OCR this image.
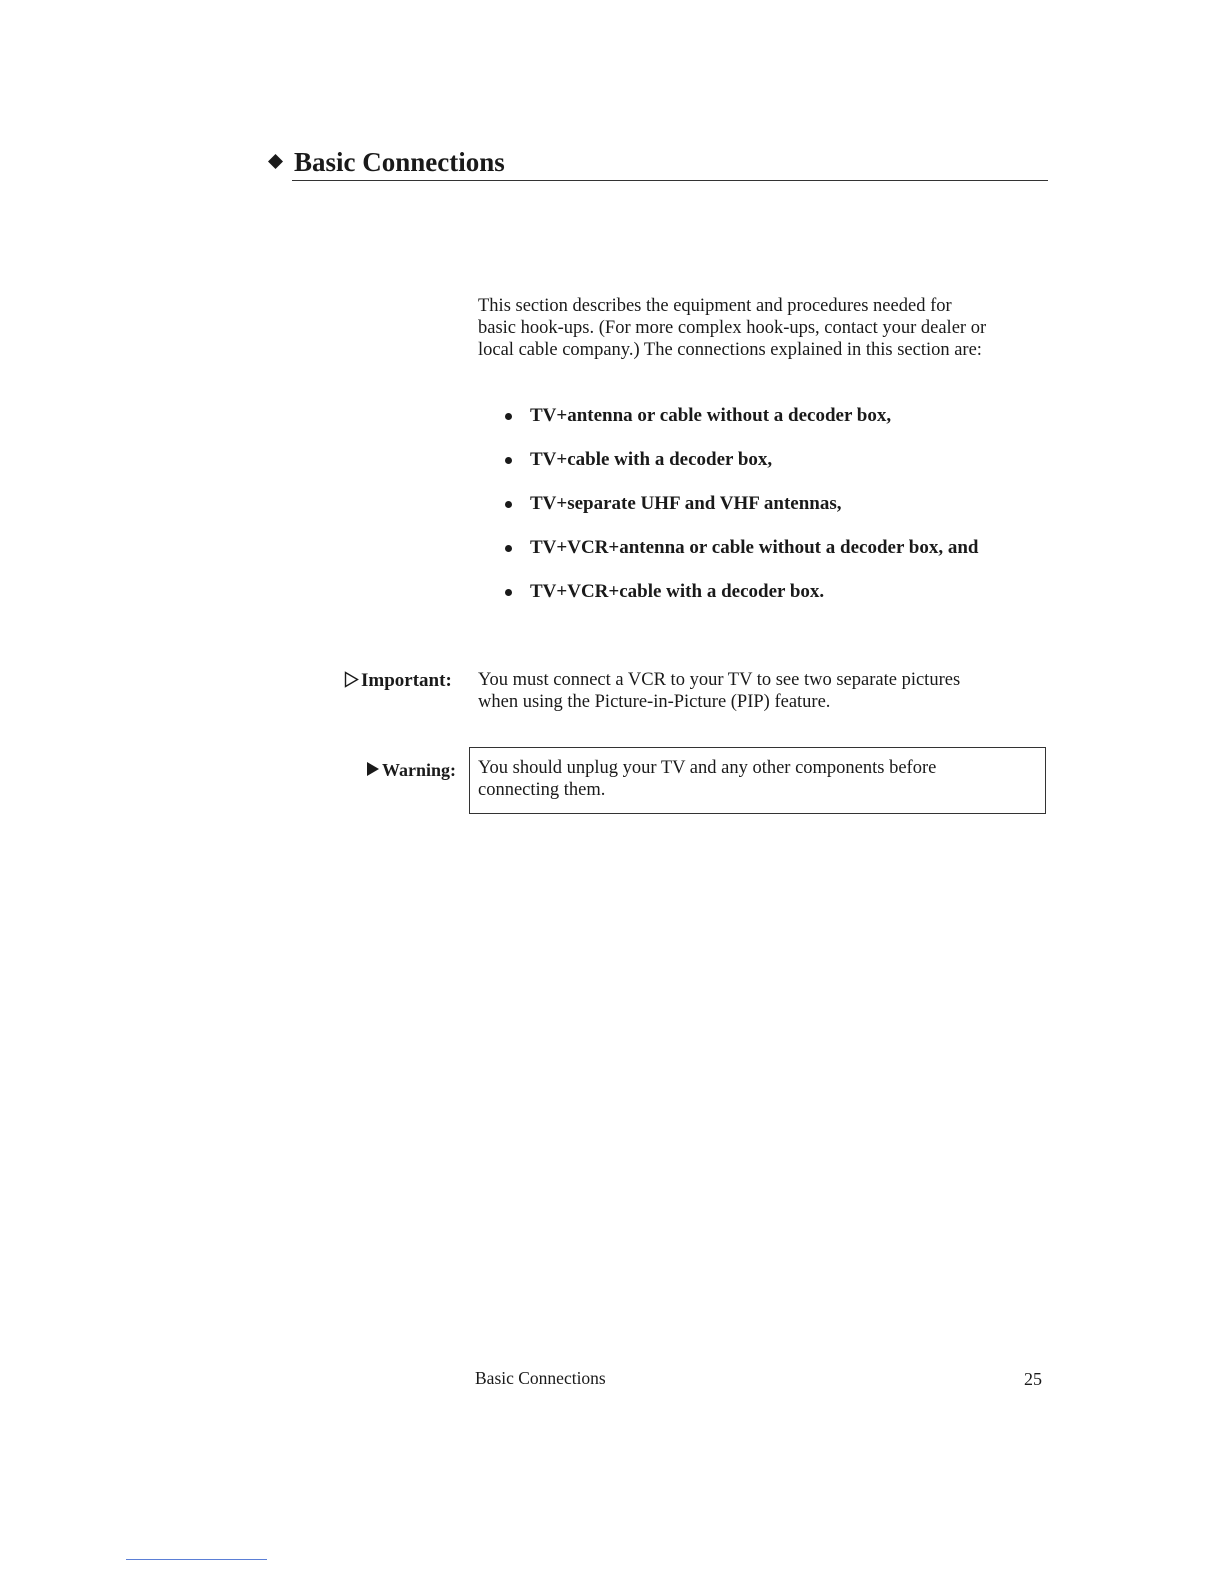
Basic Connections
This section describes the equipment and procedures needed for
basic hook-ups. (For more complex hook-ups, contact your dealer or
local cable company.) The connections explained in this section are:
TV+antenna or cable without a decoder box,
TV+cable with a decoder box,
TV+separate UHF and VHF antennas,
TV+VCR+antenna or cable without a decoder box, and
TV+VCR+cable with a decoder box.
Important: You must connect a VCR to your TV to see two separate pictures
when using the Picture-in-Picture (PIP) feature.
Warning: You should unplug your TV and any other components before
connecting them.
Basic Connections	25
